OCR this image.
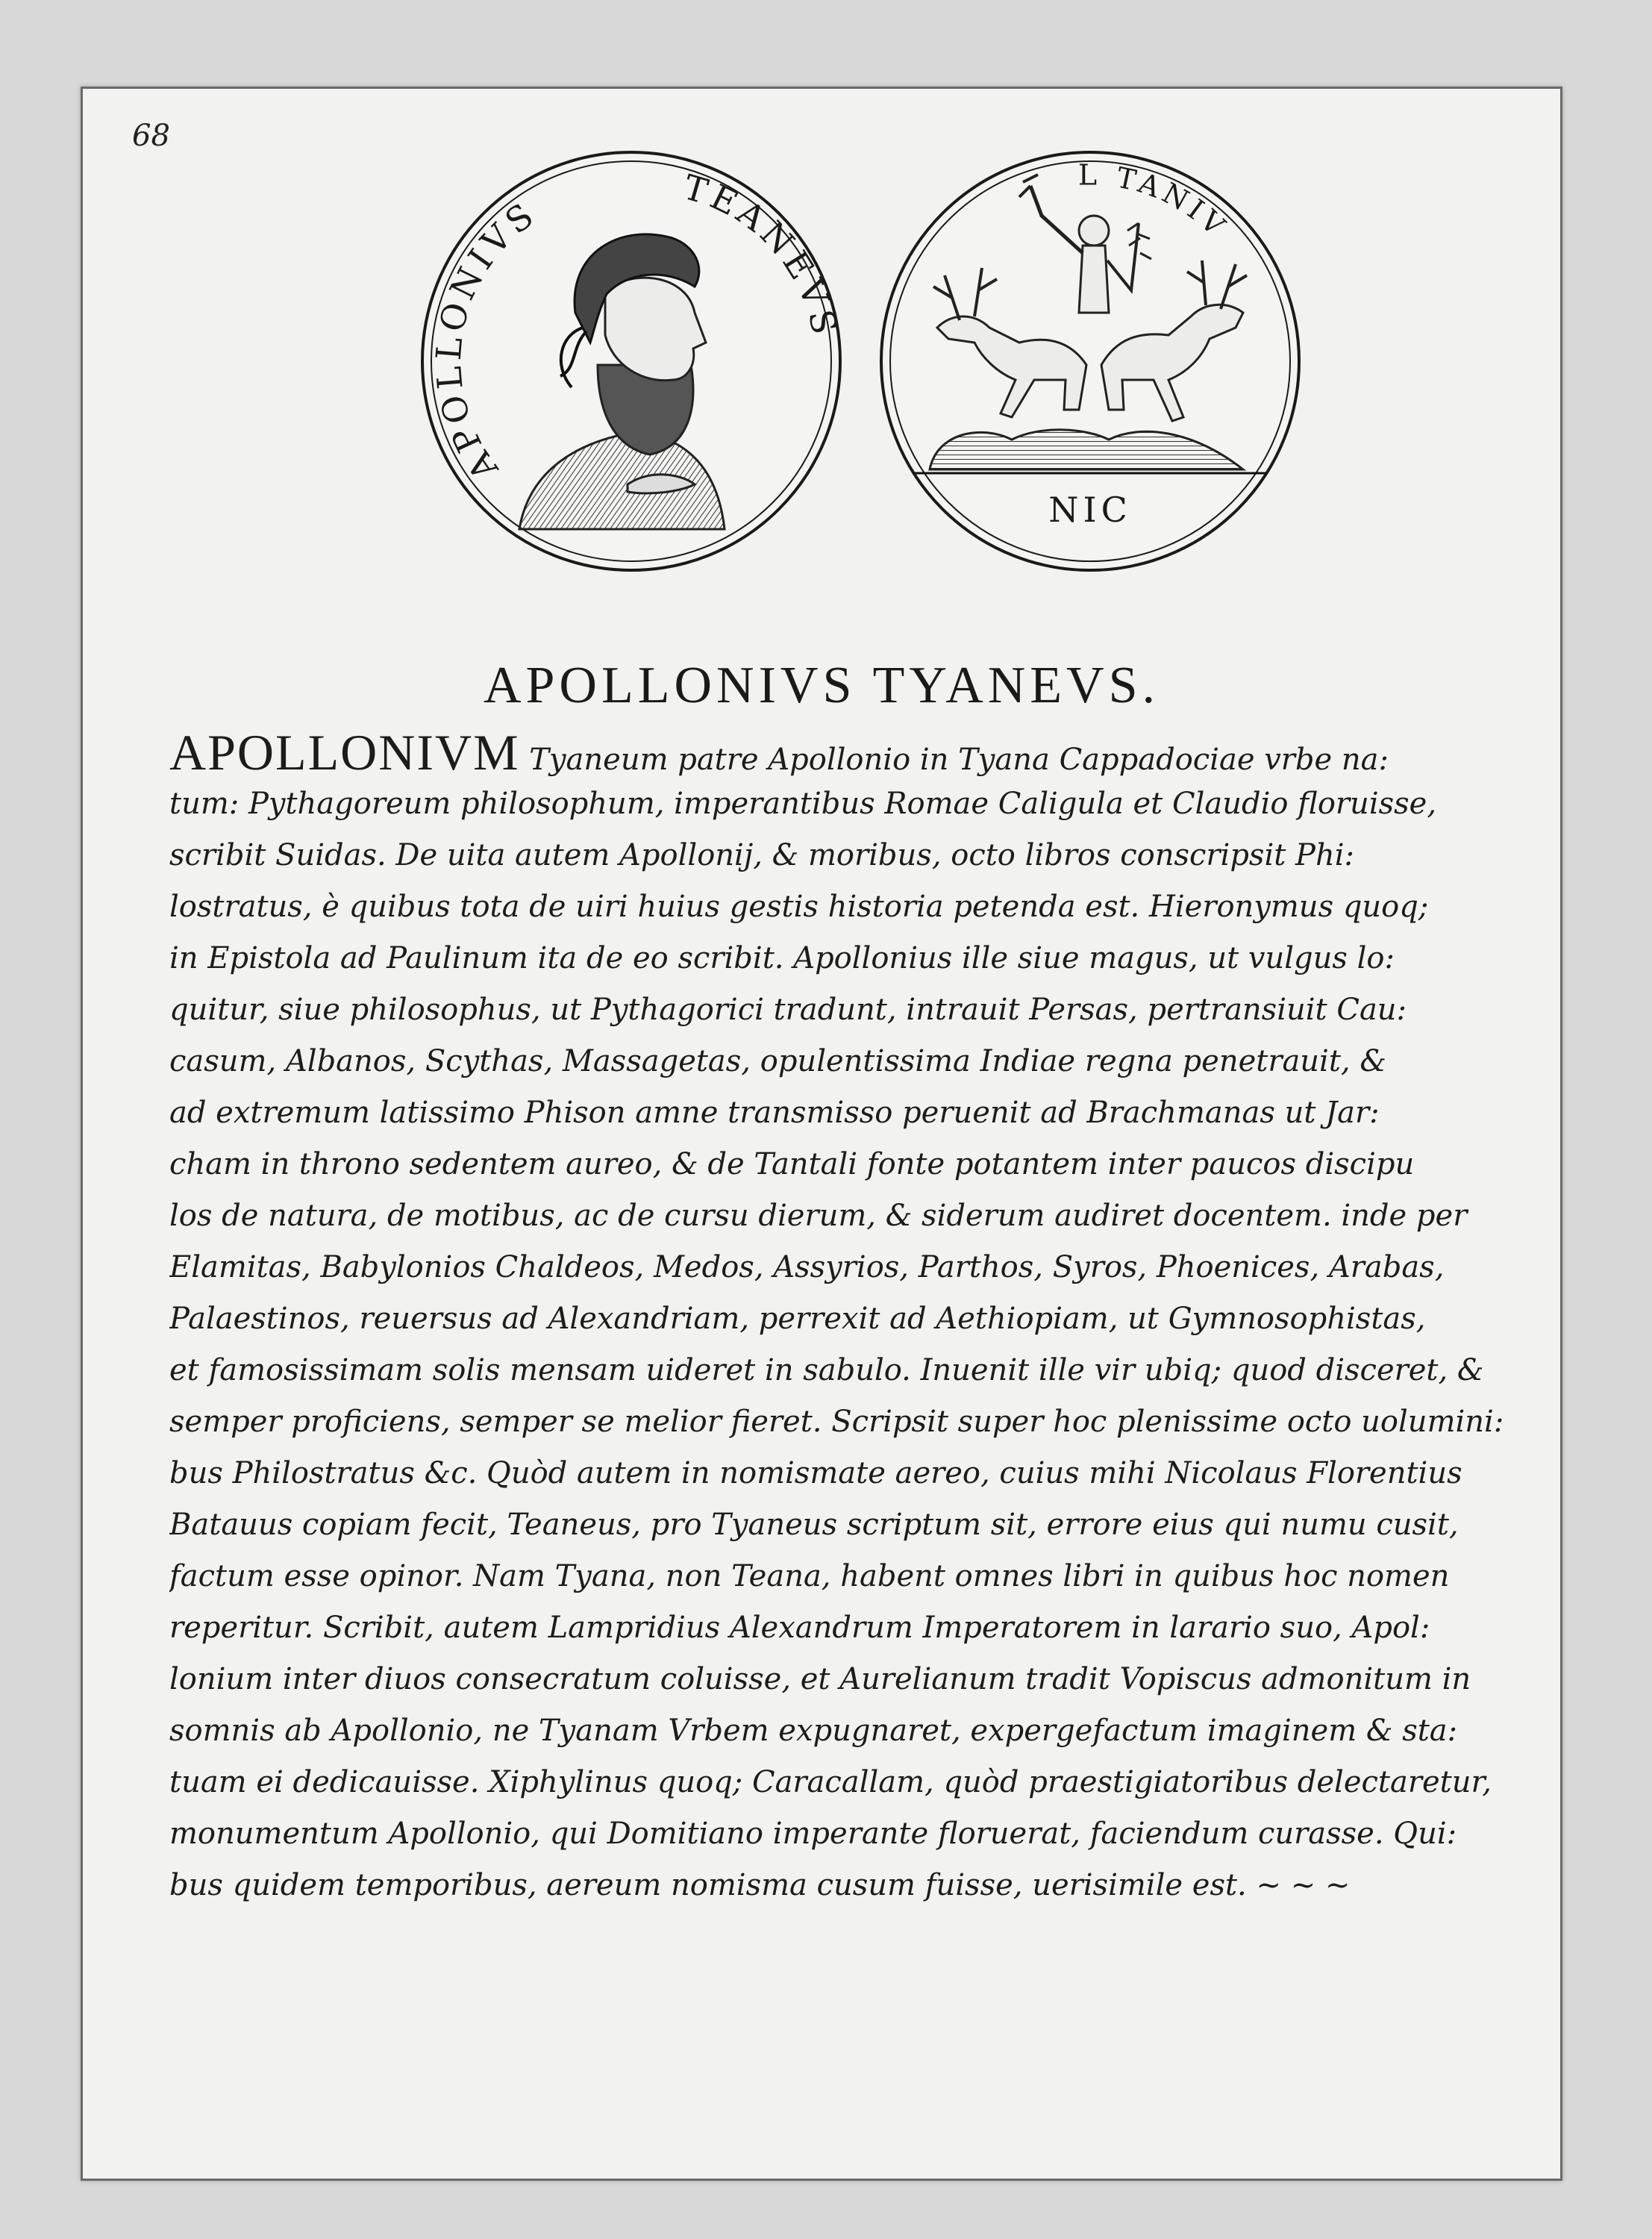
68
APOLLONIVS
TEANEVS
L TANIV
NIC
APOLLONIVS TYANEVS.
APOLLONIVM Tyaneum patre Apollonio in Tyana Cappadociae vrbe na:
tum: Pythagoreum philosophum, imperantibus Romae Caligula et Claudio floruisse,
scribit Suidas. De uita autem Apollonij, & moribus, octo libros conscripsit Phi:
lostratus, è quibus tota de uiri huius gestis historia petenda est. Hieronymus quoq;
in Epistola ad Paulinum ita de eo scribit. Apollonius ille siue magus, ut vulgus lo:
quitur, siue philosophus, ut Pythagorici tradunt, intrauit Persas, pertransiuit Cau:
casum, Albanos, Scythas, Massagetas, opulentissima Indiae regna penetrauit, &
ad extremum latissimo Phison amne transmisso peruenit ad Brachmanas ut Jar:
cham in throno sedentem aureo, & de Tantali fonte potantem inter paucos discipu
los de natura, de motibus, ac de cursu dierum, & siderum audiret docentem. inde per
Elamitas, Babylonios Chaldeos, Medos, Assyrios, Parthos, Syros, Phoenices, Arabas,
Palaestinos, reuersus ad Alexandriam, perrexit ad Aethiopiam, ut Gymnosophistas,
et famosissimam solis mensam uideret in sabulo. Inuenit ille vir ubiq; quod disceret, &
semper proficiens, semper se melior fieret. Scripsit super hoc plenissime octo uolumini:
bus Philostratus &c. Quòd autem in nomismate aereo, cuius mihi Nicolaus Florentius
Batauus copiam fecit, Teaneus, pro Tyaneus scriptum sit, errore eius qui numu cusit,
factum esse opinor. Nam Tyana, non Teana, habent omnes libri in quibus hoc nomen
reperitur. Scribit, autem Lampridius Alexandrum Imperatorem in larario suo, Apol:
lonium inter diuos consecratum coluisse, et Aurelianum tradit Vopiscus admonitum in
somnis ab Apollonio, ne Tyanam Vrbem expugnaret, expergefactum imaginem & sta:
tuam ei dedicauisse. Xiphylinus quoq; Caracallam, quòd praestigiatoribus delectaretur,
monumentum Apollonio, qui Domitiano imperante floruerat, faciendum curasse. Qui:
bus quidem temporibus, aereum nomisma cusum fuisse, uerisimile est. ~ ~ ~
